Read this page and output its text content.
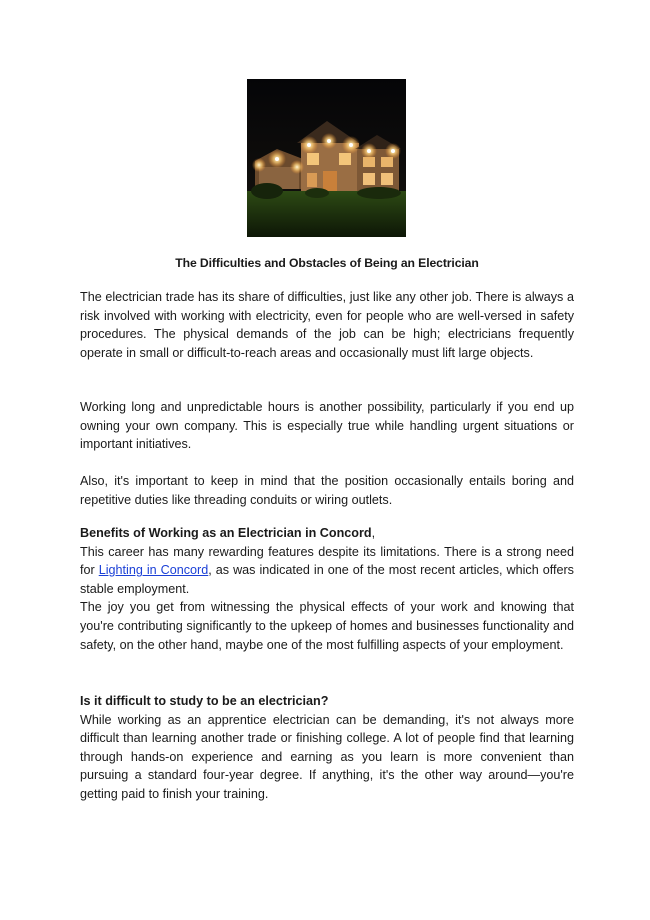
The Difficulties and Obstacles of Being an Electrician

The electrician trade has its share of difficulties, just like any other job. There is always a risk involved with working with electricity, even for people who are well-versed in safety procedures. The physical demands of the job can be high; electricians frequently operate in small or difficult-to-reach areas and occasionally must lift large objects.

Working long and unpredictable hours is another possibility, particularly if you end up owning your own company. This is especially true while handling urgent situations or important initiatives.

Also, it's important to keep in mind that the position occasionally entails boring and repetitive duties like threading conduits or wiring outlets.

Benefits of Working as an Electrician in Concord,
This career has many rewarding features despite its limitations. There is a strong need for Lighting in Concord, as was indicated in one of the most recent articles, which offers stable employment.
The joy you get from witnessing the physical effects of your work and knowing that you're contributing significantly to the upkeep of homes and businesses functionality and safety, on the other hand, maybe one of the most fulfilling aspects of your employment.
Is it difficult to study to be an electrician?
While working as an apprentice electrician can be demanding, it's not always more difficult than learning another trade or finishing college. A lot of people find that learning through hands-on experience and earning as you learn is more convenient than pursuing a standard four-year degree. If anything, it's the other way around—you're getting paid to finish your training.
